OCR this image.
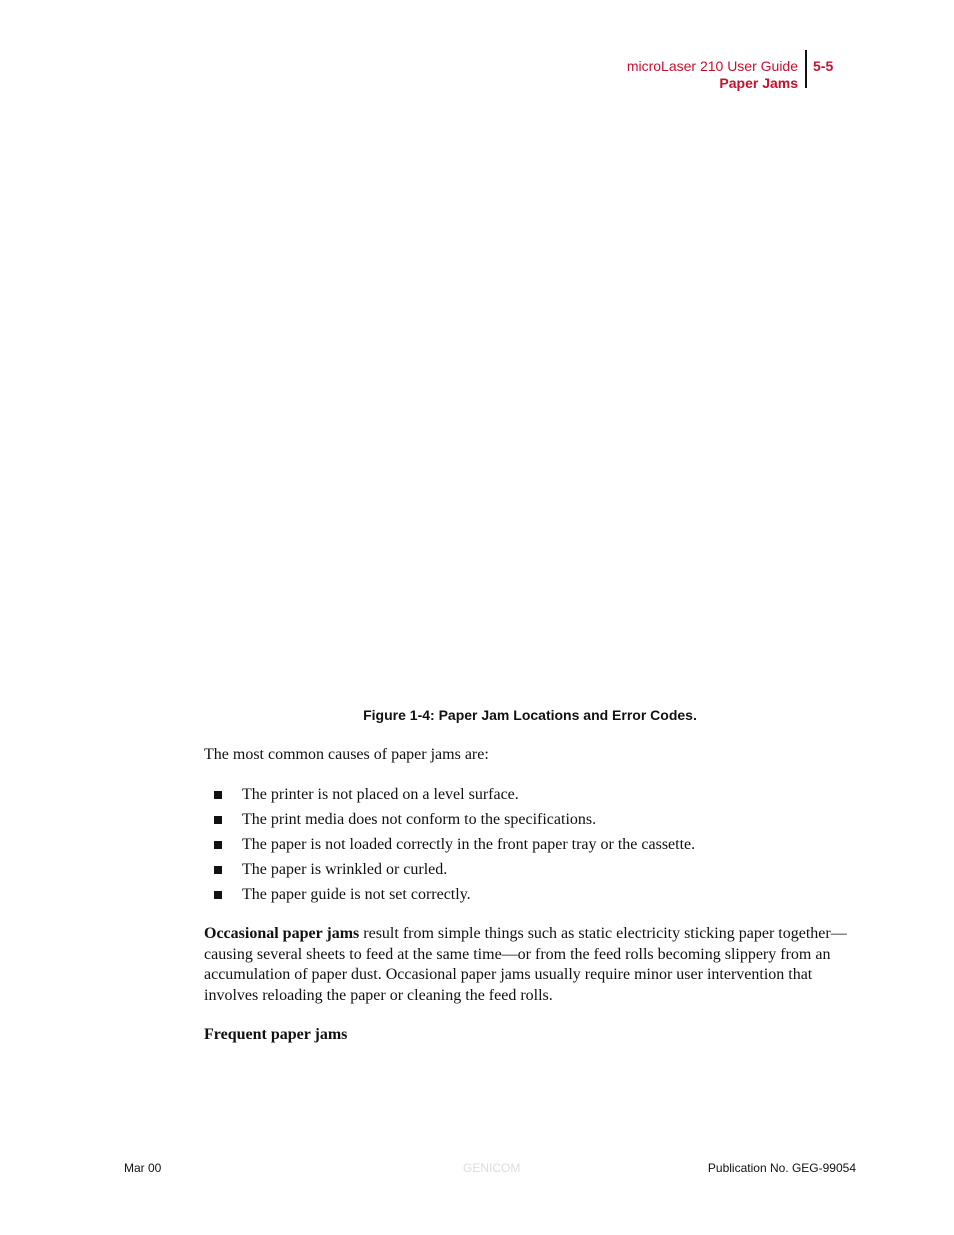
microLaser 210 User Guide
Paper Jams
5-5
Figure 1-4: Paper Jam Locations and Error Codes.
The most common causes of paper jams are:
The printer is not placed on a level surface.
The print media does not conform to the specifications.
The paper is not loaded correctly in the front paper tray or the cassette.
The paper is wrinkled or curled.
The paper guide is not set correctly.
Occasional paper jams result from simple things such as static electricity sticking paper together—causing several sheets to feed at the same time—or from the feed rolls becoming slippery from an accumulation of paper dust. Occasional paper jams usually require minor user intervention that involves reloading the paper or cleaning the feed rolls.
Frequent paper jams
Mar 00	GENICOM	Publication No. GEG-99054
